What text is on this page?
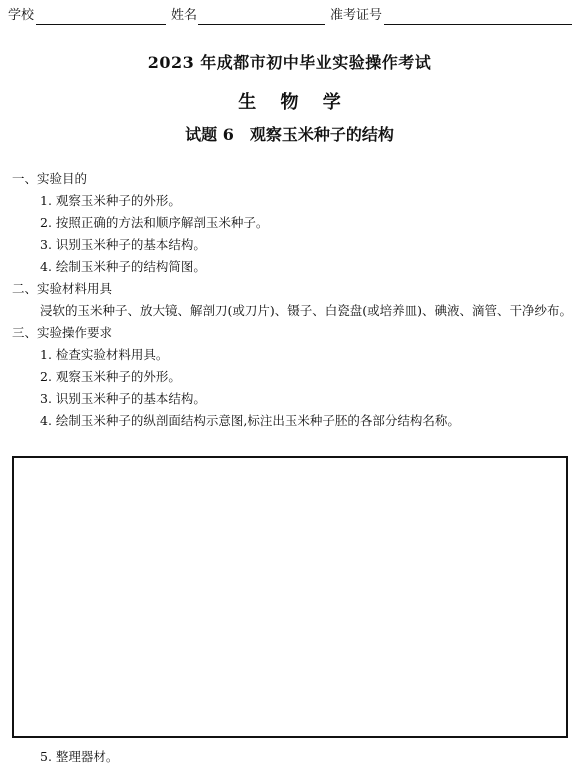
学校	姓名	准考证号
2023 年成都市初中毕业实验操作考试
生 物 学
试题 6　观察玉米种子的结构
一、实验目的
1. 观察玉米种子的外形。
2. 按照正确的方法和顺序解剖玉米种子。
3. 识别玉米种子的基本结构。
4. 绘制玉米种子的结构简图。
二、实验材料用具
浸软的玉米种子、放大镜、解剖刀(或刀片)、镊子、白瓷盘(或培养皿)、碘液、滴管、干净纱布。
三、实验操作要求
1. 检查实验材料用具。
2. 观察玉米种子的外形。
3. 识别玉米种子的基本结构。
4. 绘制玉米种子的纵剖面结构示意图,标注出玉米种子胚的各部分结构名称。
5. 整理器材。
